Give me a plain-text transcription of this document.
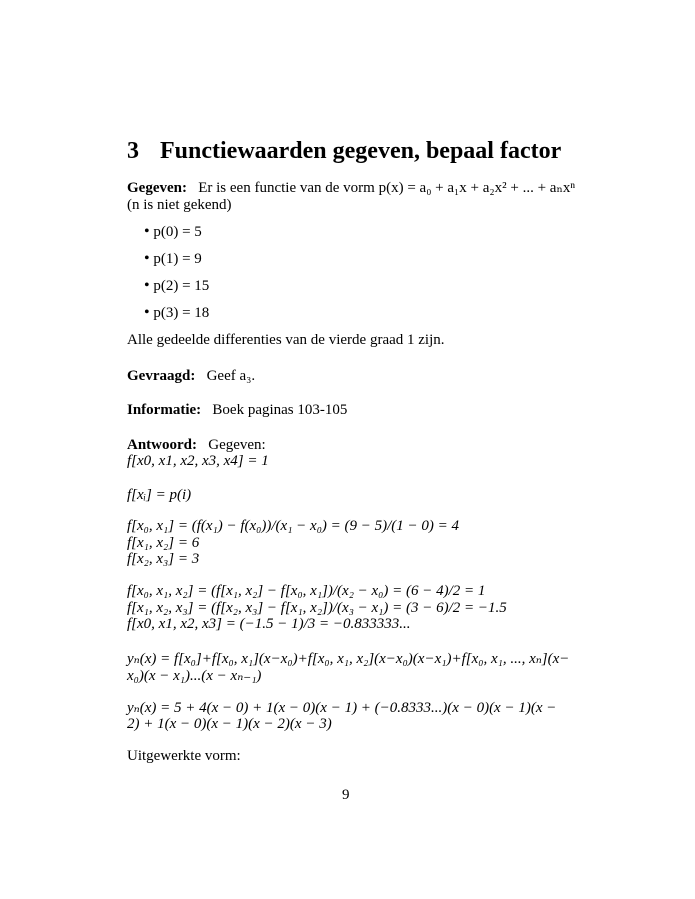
3 Functiewaarden gegeven, bepaal factor
Gegeven: Er is een functie van de vorm p(x) = a₀ + a₁x + a₂x² + ... + aₙxⁿ
(n is niet gekend)
• p(0) = 5
• p(1) = 9
• p(2) = 15
• p(3) = 18
Alle gedeelde differenties van de vierde graad 1 zijn.
Gevraagd: Geef a₃.
Informatie: Boek paginas 103-105
Antwoord: Gegeven:
f[x0, x1, x2, x3, x4] = 1
f[xᵢ] = p(i)
f[x₀, x₁] = (f(x₁) − f(x₀))/(x₁ − x₀) = (9 − 5)/(1 − 0) = 4
f[x₁, x₂] = 6
f[x₂, x₃] = 3
f[x₀, x₁, x₂] = (f[x₁, x₂] − f[x₀, x₁])/(x₂ − x₀) = (6 − 4)/2 = 1
f[x₁, x₂, x₃] = (f[x₂, x₃] − f[x₁, x₂])/(x₃ − x₁) = (3 − 6)/2 = −1.5
f[x0, x1, x2, x3] = (−1.5 − 1)/3 = −0.833333...
yₙ(x) = f[x₀]+f[x₀, x₁](x−x₀)+f[x₀, x₁, x₂](x−x₀)(x−x₁)+f[x₀, x₁, ..., xₙ](x−
x₀)(x − x₁)...(x − xₙ₋₁)
yₙ(x) = 5 + 4(x − 0) + 1(x − 0)(x − 1) + (−0.8333...)(x − 0)(x − 1)(x −
2) + 1(x − 0)(x − 1)(x − 2)(x − 3)
Uitgewerkte vorm:
9
